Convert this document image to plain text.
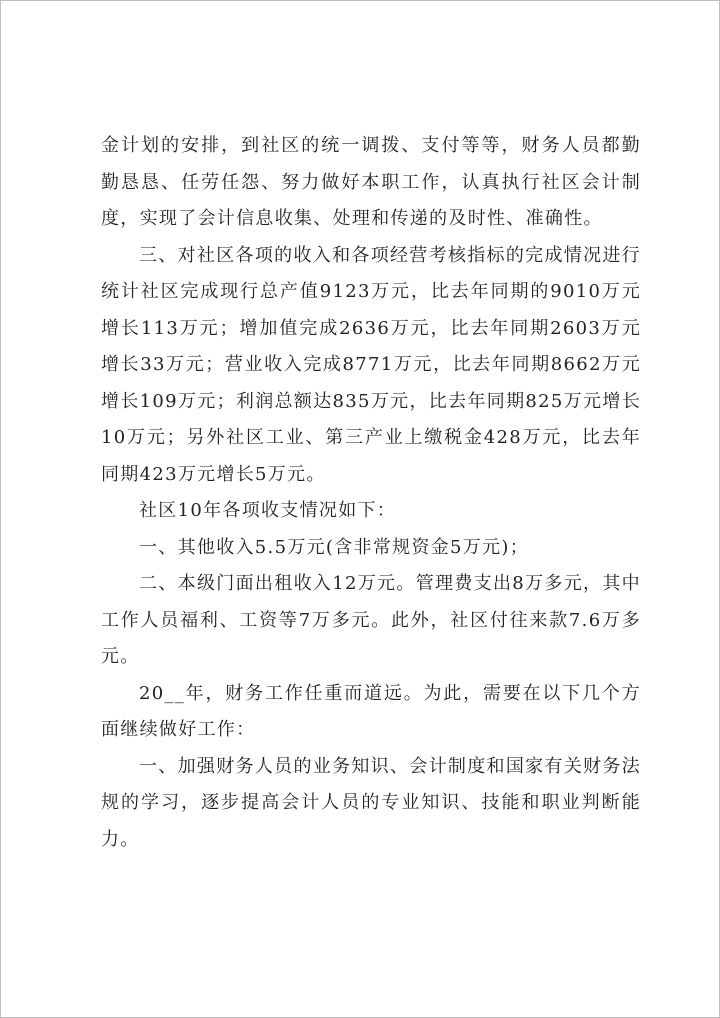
金计划的安排，到社区的统一调拨、支付等等，财务人员都勤勤恳恳、任劳任怨、努力做好本职工作，认真执行社区会计制度，实现了会计信息收集、处理和传递的及时性、准确性。

三、对社区各项的收入和各项经营考核指标的完成情况进行统计社区完成现行总产值9123万元，比去年同期的9010万元增长113万元；增加值完成2636万元，比去年同期2603万元增长33万元；营业收入完成8771万元，比去年同期8662万元增长109万元；利润总额达835万元，比去年同期825万元增长10万元；另外社区工业、第三产业上缴税金428万元，比去年同期423万元增长5万元。

社区10年各项收支情况如下：

一、其他收入5.5万元(含非常规资金5万元)；

二、本级门面出租收入12万元。管理费支出8万多元，其中工作人员福利、工资等7万多元。此外，社区付往来款7.6万多元。

20__年，财务工作任重而道远。为此，需要在以下几个方面继续做好工作：

一、加强财务人员的业务知识、会计制度和国家有关财务法规的学习，逐步提高会计人员的专业知识、技能和职业判断能力。
